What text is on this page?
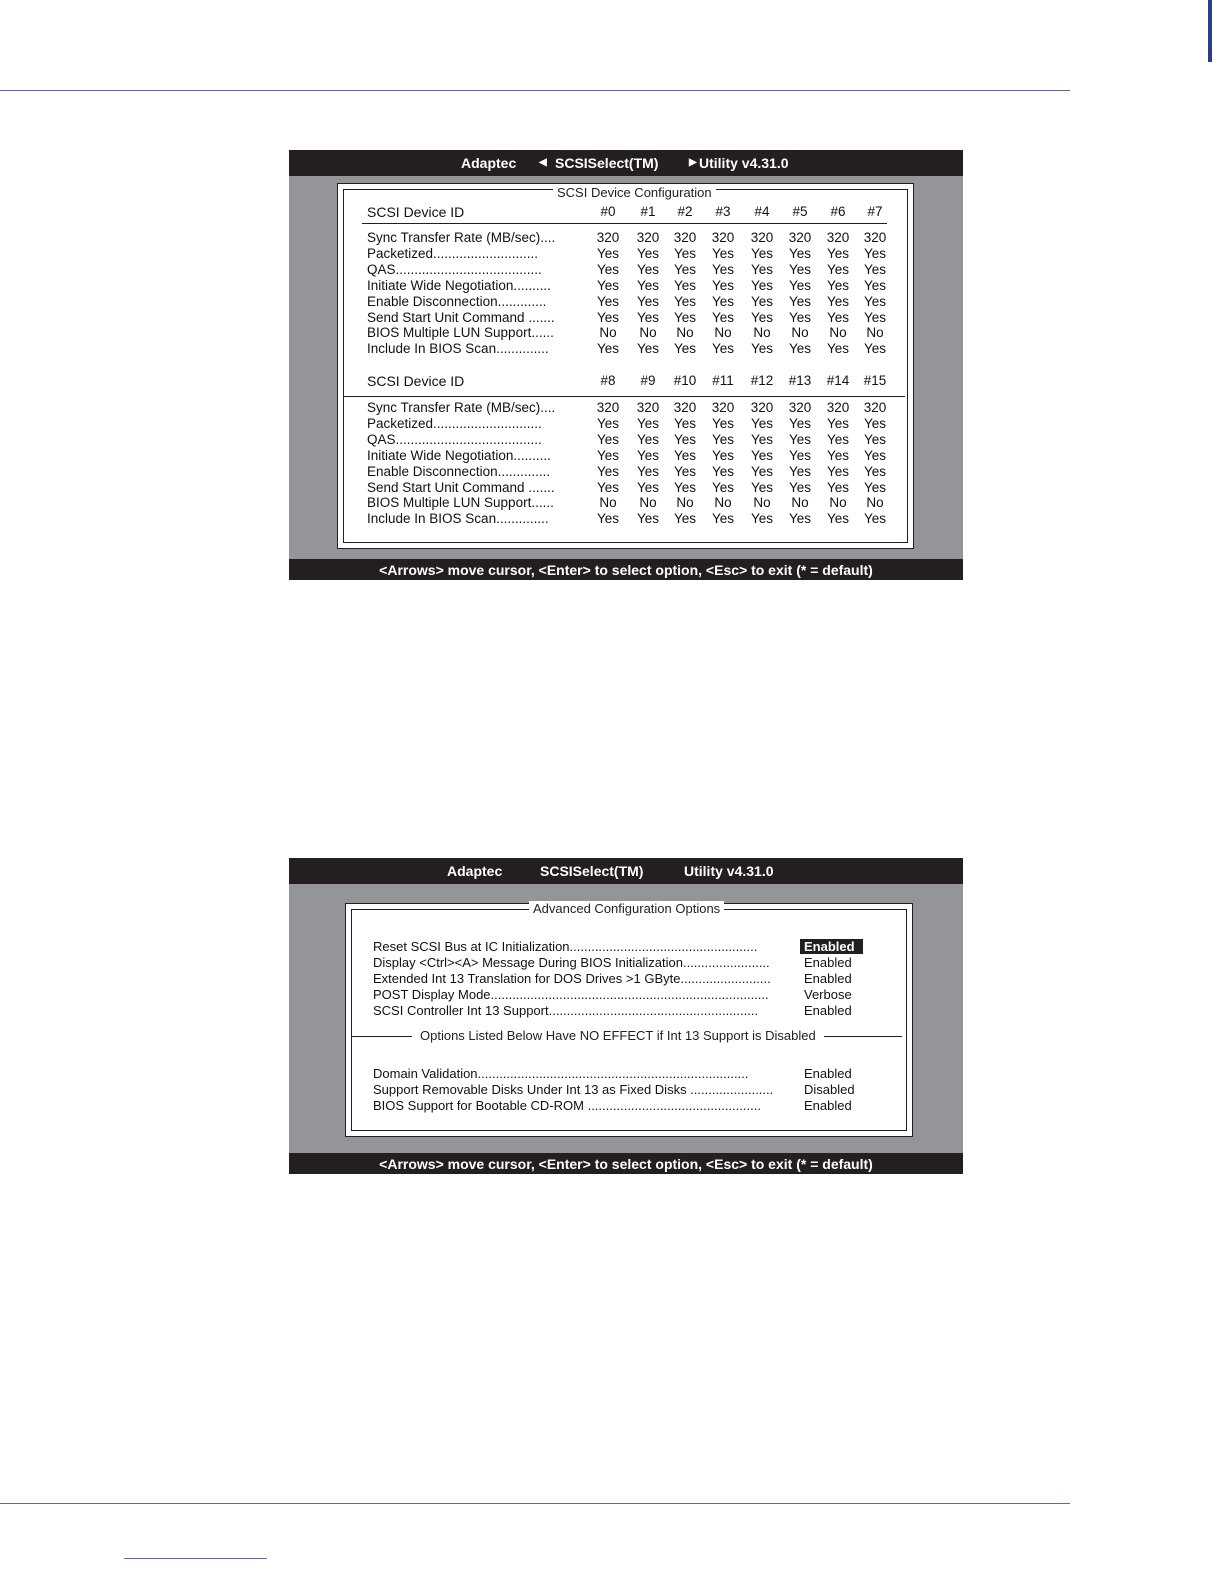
Adaptec ◀ SCSISelect(TM)	▶ Utility v4.31.0
SCSI Device Configuration
SCSI Device ID	#0	#1	#2	#3	#4	#5	#6	#7
Sync Transfer Rate (MB/sec)....	320	320	320	320	320	320	320	320
Packetized............................	Yes	Yes	Yes	Yes	Yes	Yes	Yes	Yes
QAS.......................................	Yes	Yes	Yes	Yes	Yes	Yes	Yes	Yes
Initiate Wide Negotiation..........	Yes	Yes	Yes	Yes	Yes	Yes	Yes	Yes
Enable Disconnection.............	Yes	Yes	Yes	Yes	Yes	Yes	Yes	Yes
Send Start Unit Command .......	Yes	Yes	Yes	Yes	Yes	Yes	Yes	Yes
BIOS Multiple LUN Support......	No	No	No	No	No	No	No	No
Include In BIOS Scan..............	Yes	Yes	Yes	Yes	Yes	Yes	Yes	Yes
SCSI Device ID	#8	#9	#10	#11	#12	#13	#14	#15
Sync Transfer Rate (MB/sec)....	320	320	320	320	320	320	320	320
Packetized.............................	Yes	Yes	Yes	Yes	Yes	Yes	Yes	Yes
QAS.......................................	Yes	Yes	Yes	Yes	Yes	Yes	Yes	Yes
Initiate Wide Negotiation..........	Yes	Yes	Yes	Yes	Yes	Yes	Yes	Yes
Enable Disconnection..............	Yes	Yes	Yes	Yes	Yes	Yes	Yes	Yes
Send Start Unit Command .......	Yes	Yes	Yes	Yes	Yes	Yes	Yes	Yes
BIOS Multiple LUN Support......	No	No	No	No	No	No	No	No
Include In BIOS Scan..............	Yes	Yes	Yes	Yes	Yes	Yes	Yes	Yes
<Arrows> move cursor, <Enter> to select option, <Esc> to exit (* = default)
Adaptec	SCSISelect(TM)	Utility v4.31.0
Advanced Configuration Options
Reset SCSI Bus at IC Initialization....................................................	Enabled
Display <Ctrl><A> Message During BIOS Initialization........................	Enabled
Extended Int 13 Translation for DOS Drives >1 GByte.........................	Enabled
POST Display Mode.............................................................................	Verbose
SCSI Controller Int 13 Support..........................................................	Enabled
Options Listed Below Have NO EFFECT if Int 13 Support is Disabled
Domain Validation...........................................................................	Enabled
Support Removable Disks Under Int 13 as Fixed Disks ....................... Disabled
BIOS Support for Bootable CD-ROM ................................................	Enabled
<Arrows> move cursor, <Enter> to select option, <Esc> to exit (* = default)
